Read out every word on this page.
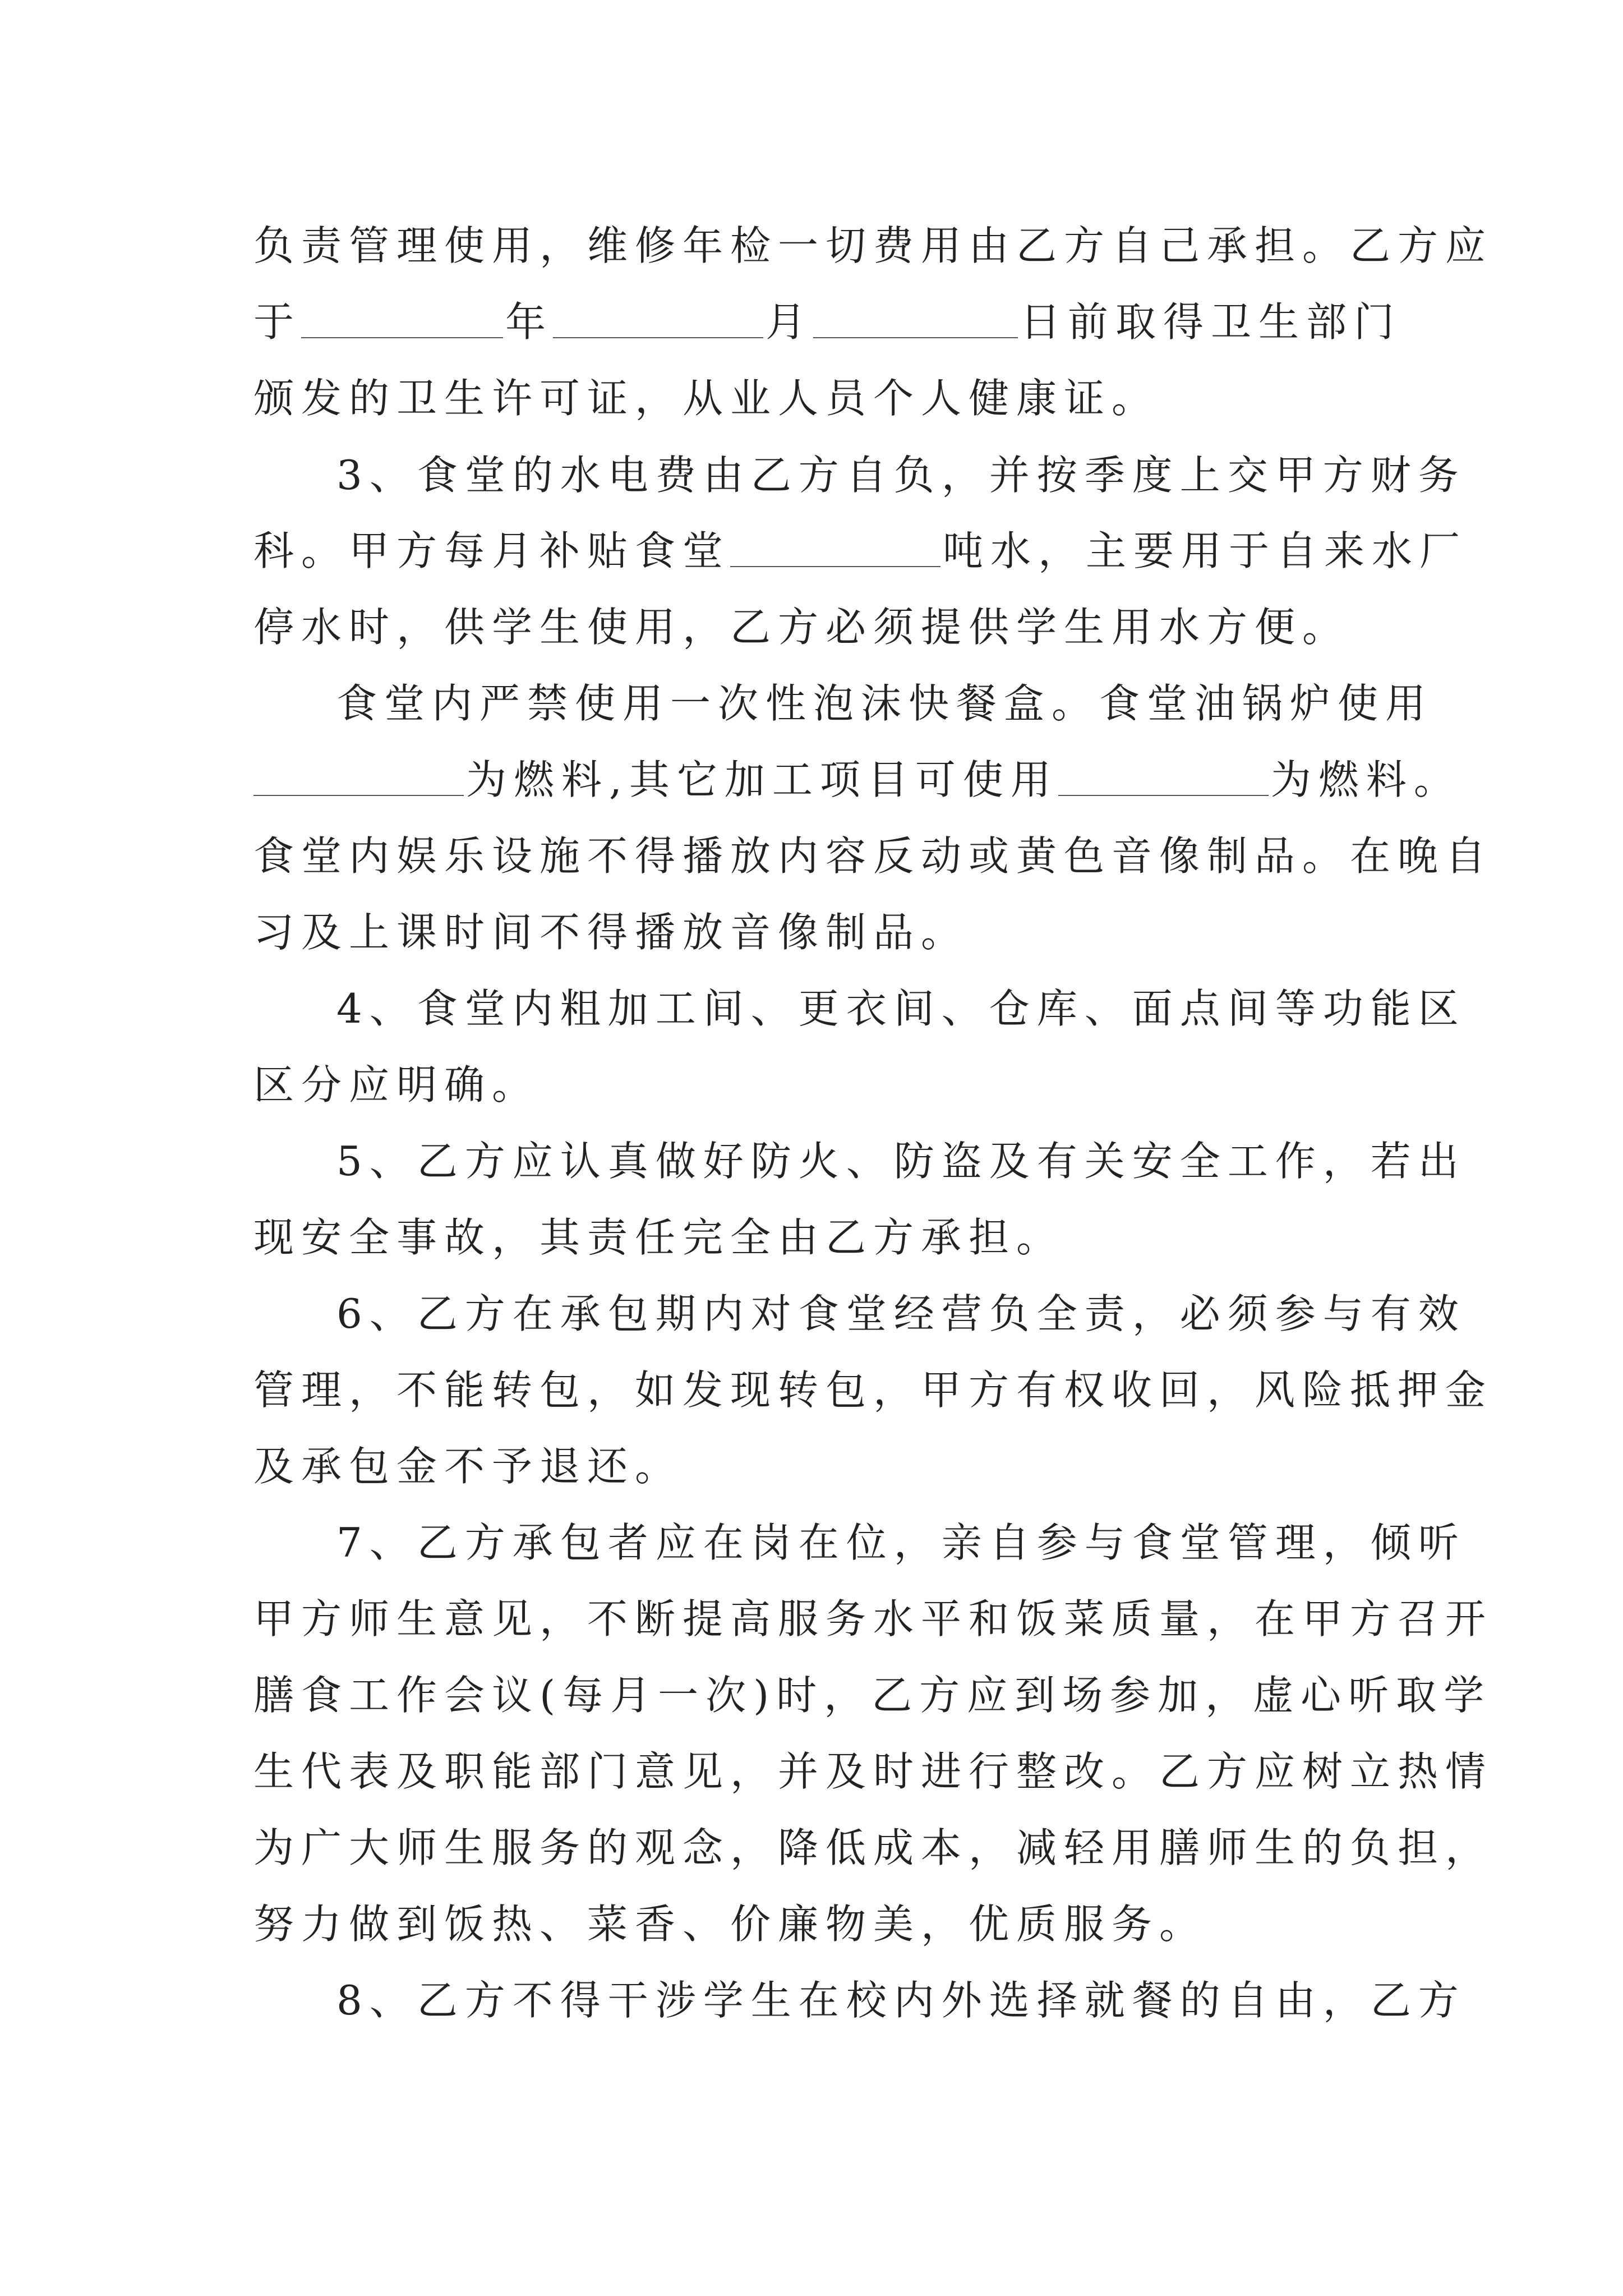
负责管理使用，维修年检一切费用由乙方自己承担。乙方应
于	年	月	日前取得卫生部门
颁发的卫生许可证，从业人员个人健康证。
3、食堂的水电费由乙方自负，并按季度上交甲方财务
科。甲方每月补贴食堂	吨水，主要用于自来水厂
停水时，供学生使用，乙方必须提供学生用水方便。
食堂内严禁使用一次性泡沫快餐盒。食堂油锅炉使用
为燃料,其它加工项目可使用	为燃料。
食堂内娱乐设施不得播放内容反动或黄色音像制品。在晚自
习及上课时间不得播放音像制品。
4、食堂内粗加工间、更衣间、仓库、面点间等功能区
区分应明确。
5、乙方应认真做好防火、防盗及有关安全工作，若出
现安全事故，其责任完全由乙方承担。
6、乙方在承包期内对食堂经营负全责，必须参与有效
管理，不能转包，如发现转包，甲方有权收回，风险抵押金
及承包金不予退还。
7、乙方承包者应在岗在位，亲自参与食堂管理，倾听
甲方师生意见，不断提高服务水平和饭菜质量，在甲方召开
膳食工作会议(每月一次)时，乙方应到场参加，虚心听取学
生代表及职能部门意见，并及时进行整改。乙方应树立热情
为广大师生服务的观念，降低成本，减轻用膳师生的负担，
努力做到饭热、菜香、价廉物美，优质服务。
8、乙方不得干涉学生在校内外选择就餐的自由，乙方
